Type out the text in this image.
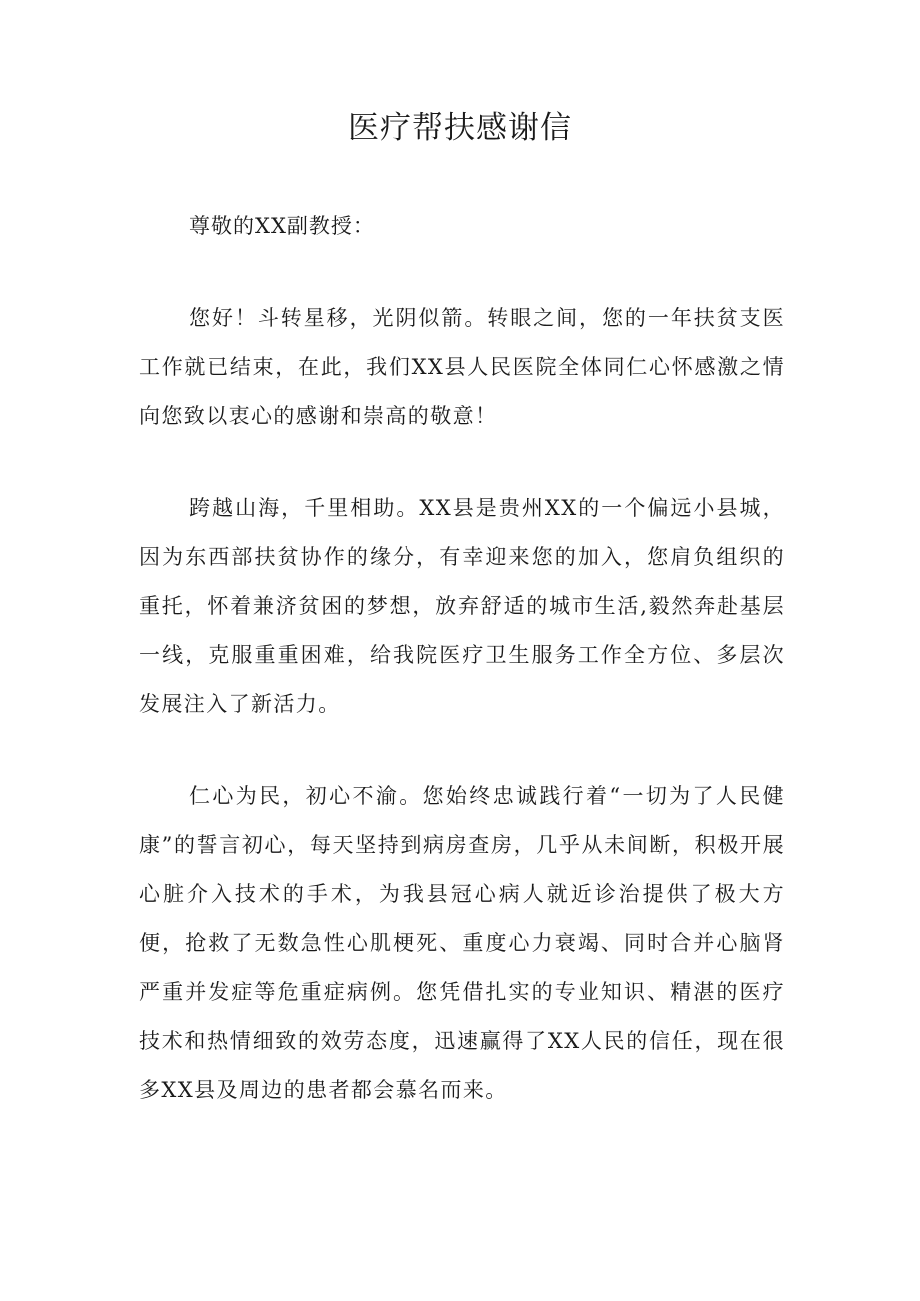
医疗帮扶感谢信

尊敬的XX副教授：

您好！斗转星移，光阴似箭。转眼之间，您的一年扶贫支医工作就已结束，在此，我们XX县人民医院全体同仁心怀感激之情向您致以衷心的感谢和崇高的敬意！

跨越山海，千里相助。XX县是贵州XX的一个偏远小县城，因为东西部扶贫协作的缘分，有幸迎来您的加入，您肩负组织的重托，怀着兼济贫困的梦想，放弃舒适的城市生活,毅然奔赴基层一线，克服重重困难，给我院医疗卫生服务工作全方位、多层次发展注入了新活力。

仁心为民，初心不渝。您始终忠诚践行着“一切为了人民健康”的誓言初心，每天坚持到病房查房，几乎从未间断，积极开展心脏介入技术的手术，为我县冠心病人就近诊治提供了极大方便，抢救了无数急性心肌梗死、重度心力衰竭、同时合并心脑肾严重并发症等危重症病例。您凭借扎实的专业知识、精湛的医疗技术和热情细致的效劳态度，迅速赢得了XX人民的信任，现在很多XX县及周边的患者都会慕名而来。
